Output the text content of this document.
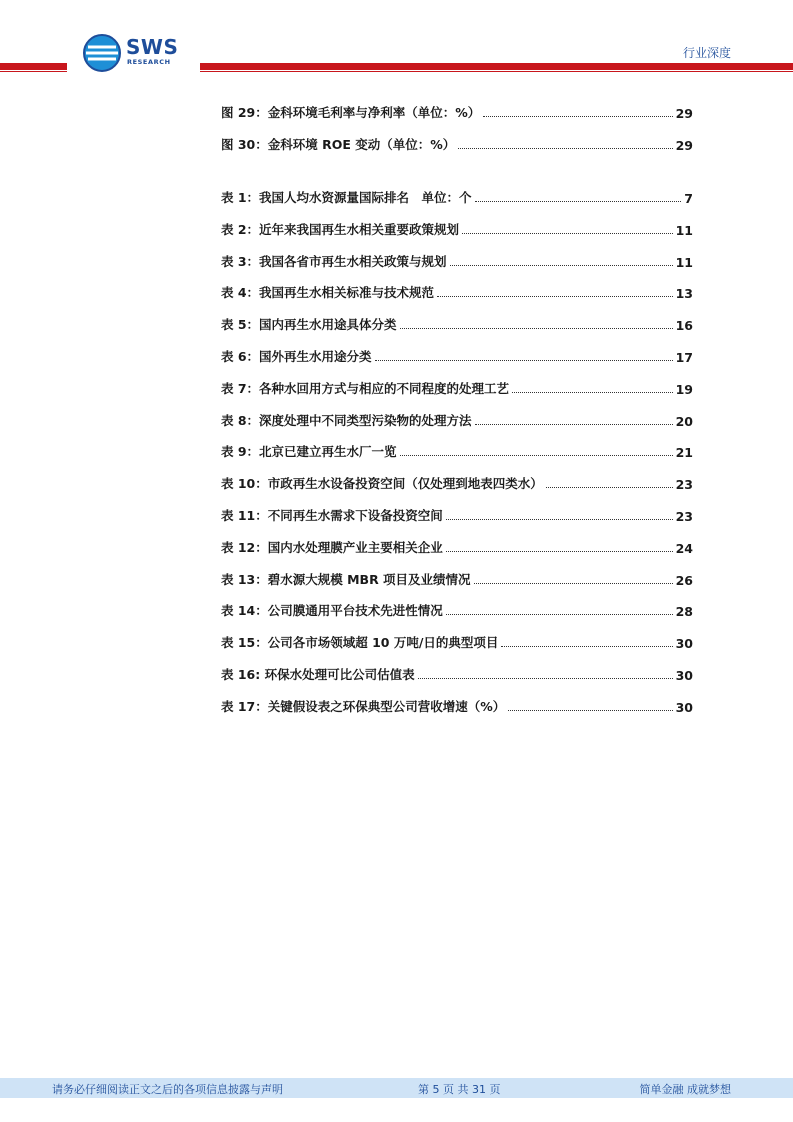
SWS
RESEARCH
行业深度
图 29：金科环境毛利率与净利率（单位：%）	29
图 30：金科环境 ROE 变动（单位：%）	29
表 1：我国人均水资源量国际排名　单位：个	7
表 2：近年来我国再生水相关重要政策规划	11
表 3：我国各省市再生水相关政策与规划	11
表 4：我国再生水相关标准与技术规范	13
表 5：国内再生水用途具体分类	16
表 6：国外再生水用途分类	17
表 7：各种水回用方式与相应的不同程度的处理工艺	19
表 8：深度处理中不同类型污染物的处理方法	20
表 9：北京已建立再生水厂一览	21
表 10：市政再生水设备投资空间（仅处理到地表四类水）	23
表 11：不同再生水需求下设备投资空间	23
表 12：国内水处理膜产业主要相关企业	24
表 13：碧水源大规模 MBR 项目及业绩情况	26
表 14：公司膜通用平台技术先进性情况	28
表 15：公司各市场领域超 10 万吨/日的典型项目	30
表 16: 环保水处理可比公司估值表	30
表 17：关键假设表之环保典型公司营收增速（%）	30
请务必仔细阅读正文之后的各项信息披露与声明	第 5 页 共 31 页	简单金融 成就梦想
